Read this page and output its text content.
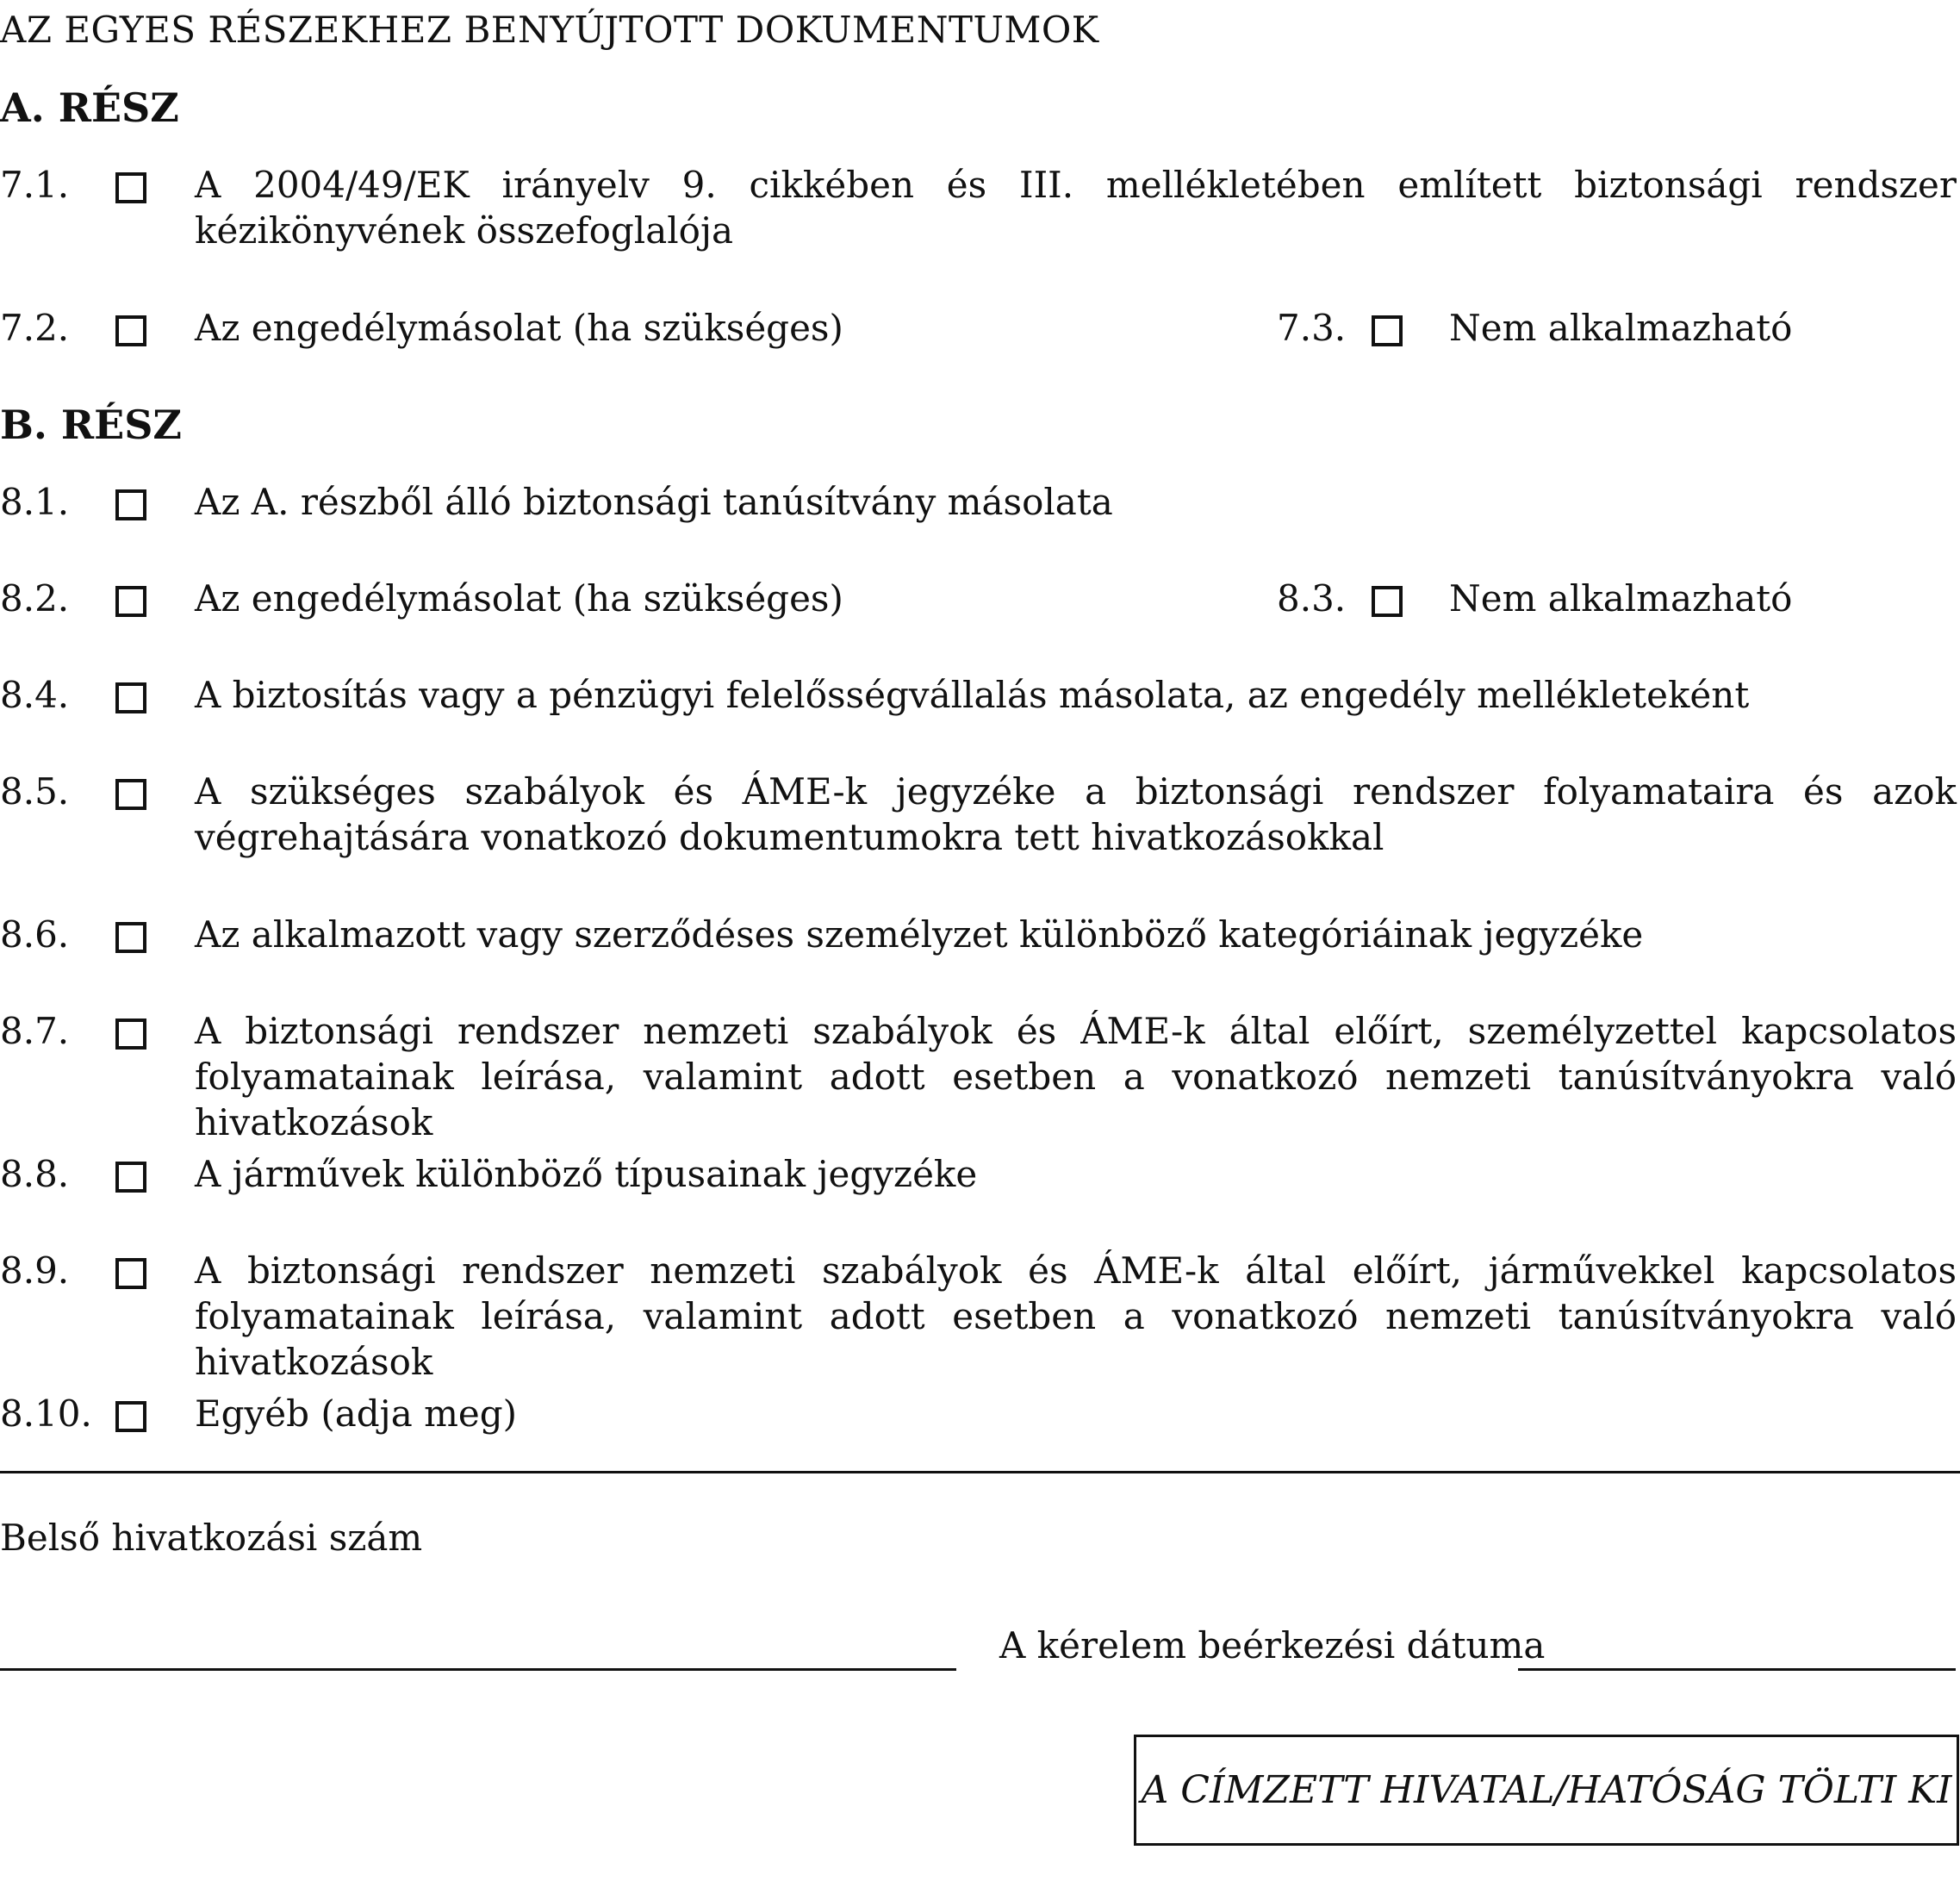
AZ EGYES RÉSZEKHEZ BENYÚJTOTT DOKUMENTUMOK
A. RÉSZ
7.1.	A 2004/49/EK irányelv 9. cikkében és III. mellékletében említett biztonsági rendszer kézikönyvének összefoglalója
7.2.	Az engedélymásolat (ha szükséges)	7.3.	Nem alkalmazható
B. RÉSZ
8.1.	Az A. részből álló biztonsági tanúsítvány másolata
8.2.	Az engedélymásolat (ha szükséges)	8.3.	Nem alkalmazható
8.4.	A biztosítás vagy a pénzügyi felelősségvállalás másolata, az engedély mellékleteként
8.5.	A szükséges szabályok és ÁME-k jegyzéke a biztonsági rendszer folyamataira és azok végrehajtására vonatkozó dokumentumokra tett hivatkozásokkal
8.6.	Az alkalmazott vagy szerződéses személyzet különböző kategóriáinak jegyzéke
8.7.	A biztonsági rendszer nemzeti szabályok és ÁME-k által előírt, személyzettel kapcsolatos folyamatainak leírása, valamint adott esetben a vonatkozó nemzeti tanúsítványokra való hivatkozások
8.8.	A járművek különböző típusainak jegyzéke
8.9.	A biztonsági rendszer nemzeti szabályok és ÁME-k által előírt, járművekkel kapcsolatos folyamatainak leírása, valamint adott esetben a vonatkozó nemzeti tanúsítványokra való hivatkozások
8.10.	Egyéb (adja meg)
Belső hivatkozási szám
A kérelem beérkezési dátuma
A CÍMZETT HIVATAL/HATÓSÁG TÖLTI KI
